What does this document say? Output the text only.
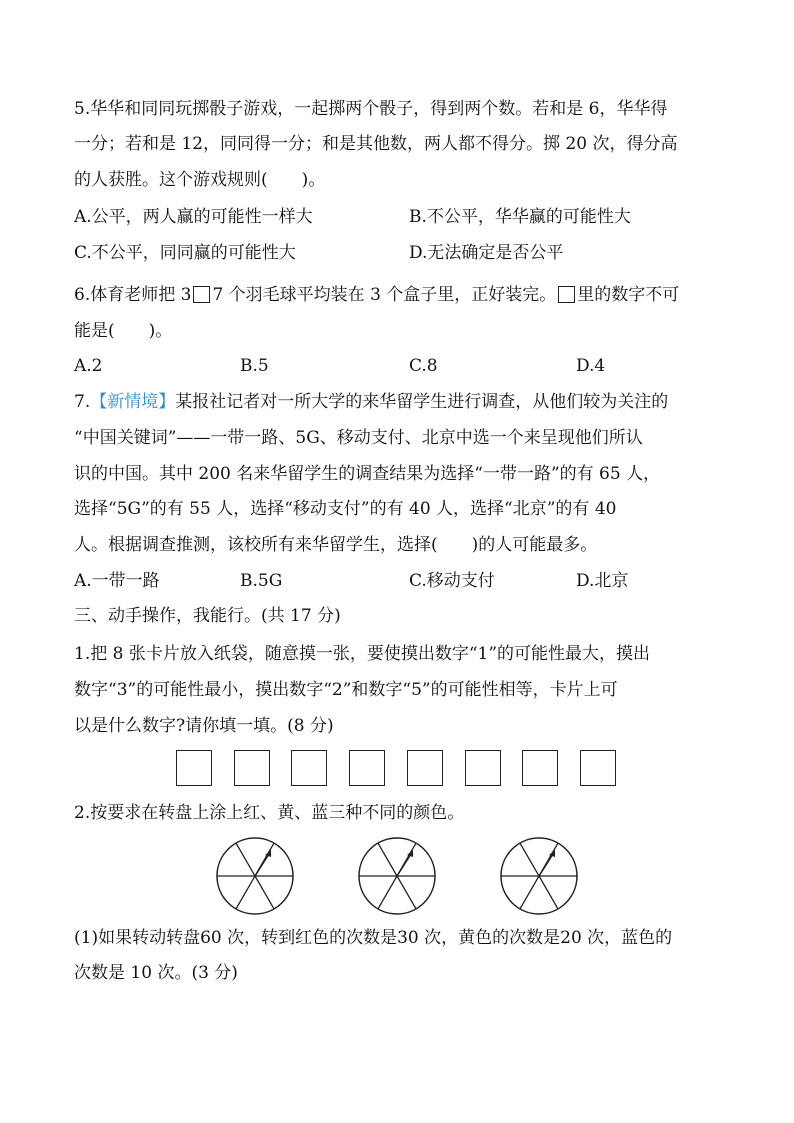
5.华华和同同玩掷骰子游戏，一起掷两个骰子，得到两个数。若和是 6，华华得
一分；若和是 12，同同得一分；和是其他数，两人都不得分。掷 20 次，得分高
的人获胜。这个游戏规则(　　)。
A.公平，两人赢的可能性一样大	B.不公平，华华赢的可能性大
C.不公平，同同赢的可能性大	D.无法确定是否公平
6.体育老师把 3 7 个羽毛球平均装在 3 个盒子里，正好装完。 里的数字不可
能是(　　)。
A.2	B.5	C.8	D.4
7.【新情境】某报社记者对一所大学的来华留学生进行调查，从他们较为关注的
“中国关键词”——一带一路、5G、移动支付、北京中选一个来呈现他们所认
识的中国。其中 200 名来华留学生的调查结果为选择“一带一路”的有 65 人，
选择“5G”的有 55 人，选择“移动支付”的有 40 人，选择“北京”的有 40
人。根据调查推测，该校所有来华留学生，选择(　　)的人可能最多。
A.一带一路	B.5G	C.移动支付	D.北京
三、动手操作，我能行。(共 17 分)
1.把 8 张卡片放入纸袋，随意摸一张，要使摸出数字“1”的可能性最大，摸出
数字“3”的可能性最小，摸出数字“2”和数字“5”的可能性相等，卡片上可
以是什么数字?请你填一填。(8 分)
2.按要求在转盘上涂上红、黄、蓝三种不同的颜色。
(1)如果转动转盘60 次，转到红色的次数是30 次，黄色的次数是20 次，蓝色的
次数是 10 次。(3 分)
